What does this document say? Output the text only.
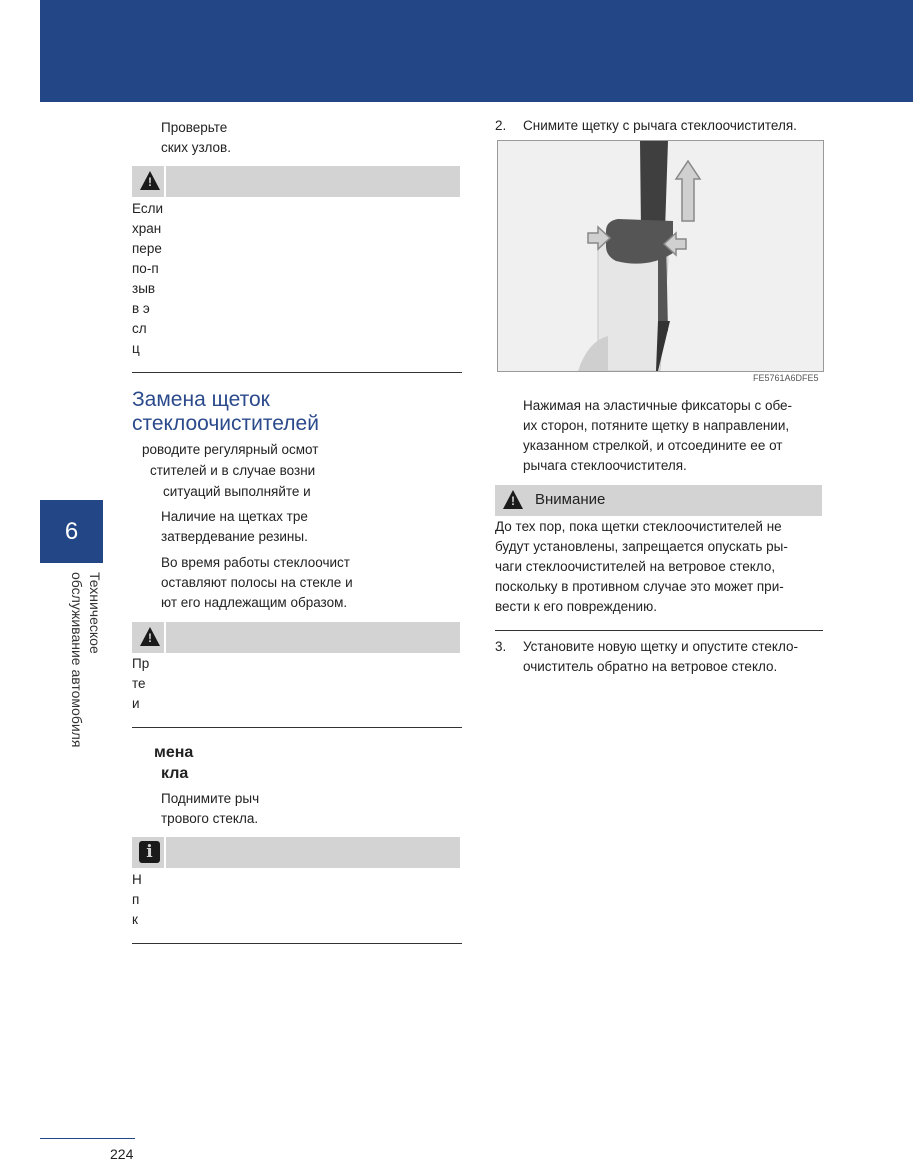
6
Техническое
обслуживание автомобиля
Проверьте
ских узлов.
!
Если
хран
пере
по-п
зыв
в э
сл
ц
Замена щеток
стеклоочистителей
роводите регулярный осмот
стителей и в случае возни
ситуаций выполняйте и
Наличие на щетках тре
затвердевание резины.
Во время работы стеклоочист
оставляют полосы на стекле и
ют его надлежащим образом.
!
Пр
те
и
мена
кла
Поднимите рыч
трового стекла.
i
Н
п
к
2. Снимите щетку с рычага стеклоочистителя.
FE5761A6DFE5
Нажимая на эластичные фиксаторы с обе-
их сторон, потяните щетку в направлении,
указанном стрелкой, и отсоедините ее от
рычага стеклоочистителя.
! Внимание
До тех пор, пока щетки стеклоочистителей не
будут установлены, запрещается опускать ры-
чаги стеклоочистителей на ветровое стекло,
поскольку в противном случае это может при-
вести к его повреждению.
3. Установите новую щетку и опустите стекло-
очиститель обратно на ветровое стекло.
224
